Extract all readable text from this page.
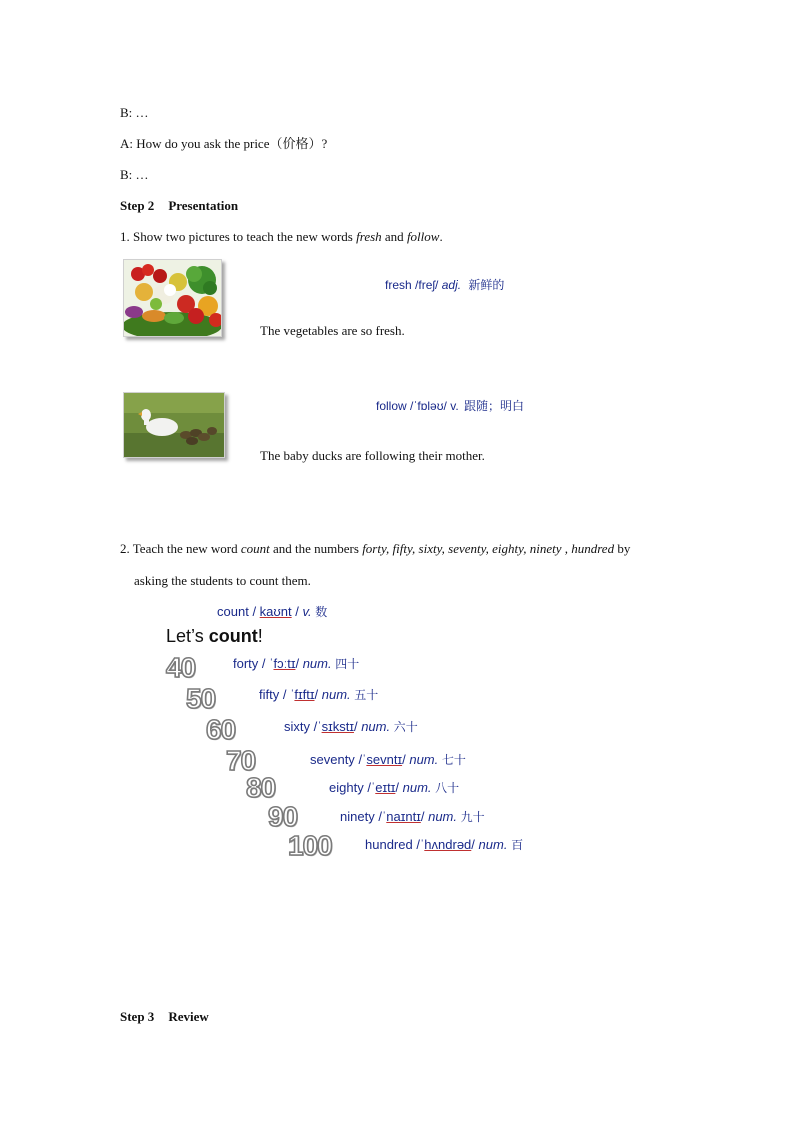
B: …
A: How do you ask the price（价格）?
B: …
Step 2 Presentation
1. Show two pictures to teach the new words fresh and follow.
fresh /freʃ/ adj. 新鲜的
The vegetables are so fresh.
follow /ˈfɒləʊ/ v. 跟随；明白
The baby ducks are following their mother.
2. Teach the new word count and the numbers forty, fifty, sixty, seventy, eighty, ninety , hundred by
asking the students to count them.
count / kaʊnt / v. 数
Let’s count!
40	forty / ˈfɔːtɪ/ num. 四十
50	fifty / ˈfɪftɪ/ num. 五十
60	sixty /ˈsɪkstɪ/ num. 六十
70	seventy /ˈsevntɪ/ num. 七十
80	eighty /ˈeɪtɪ/ num. 八十
90	ninety /ˈnaɪntɪ/ num. 九十
100	hundred /ˈhʌndrəd/ num. 百
Step 3 Review
